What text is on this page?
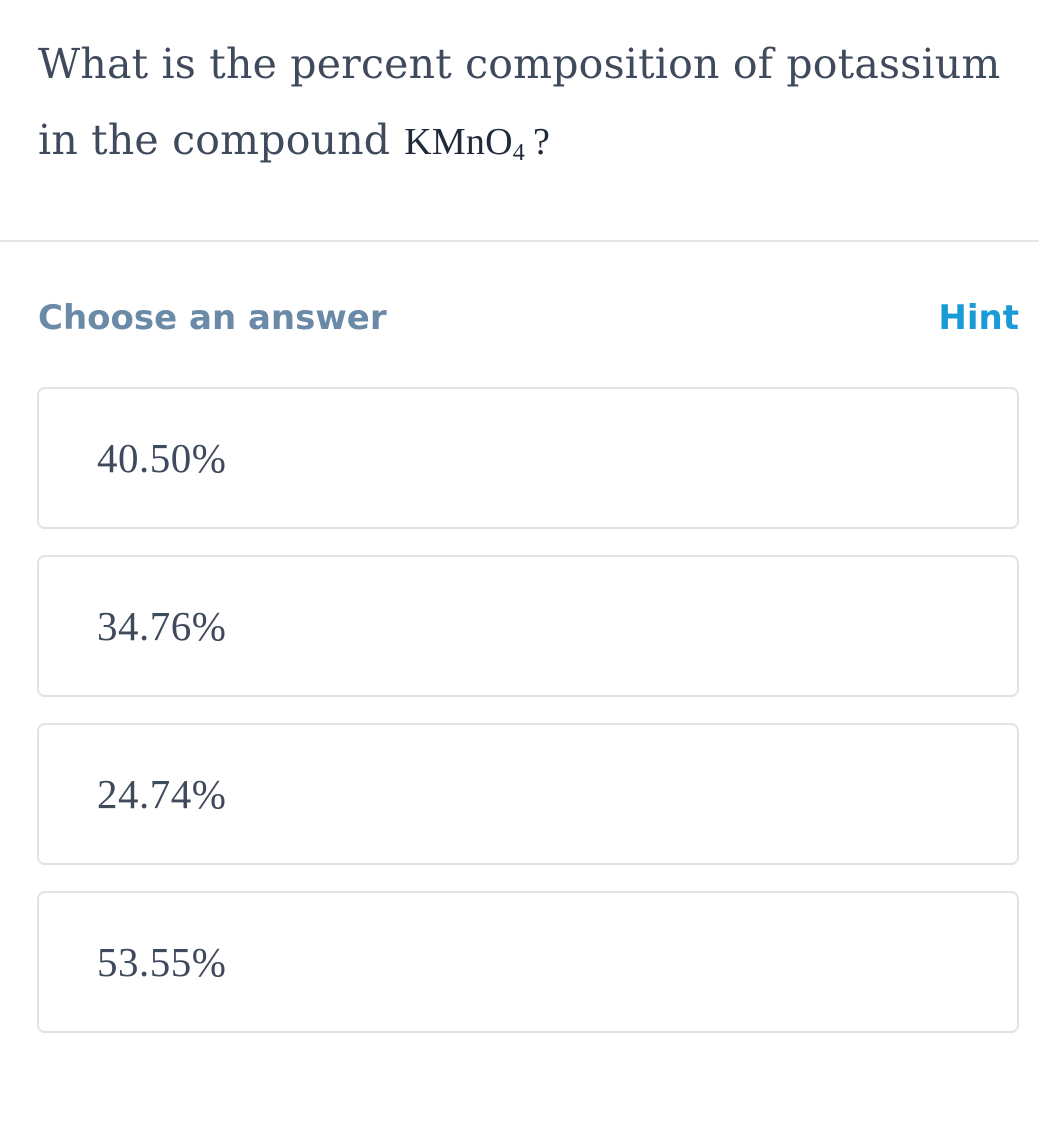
What is the percent composition of potassium in the compound KMnO$_4$ ?

Choose an answer	Hint
40.50%
34.76%
24.74%
53.55%
